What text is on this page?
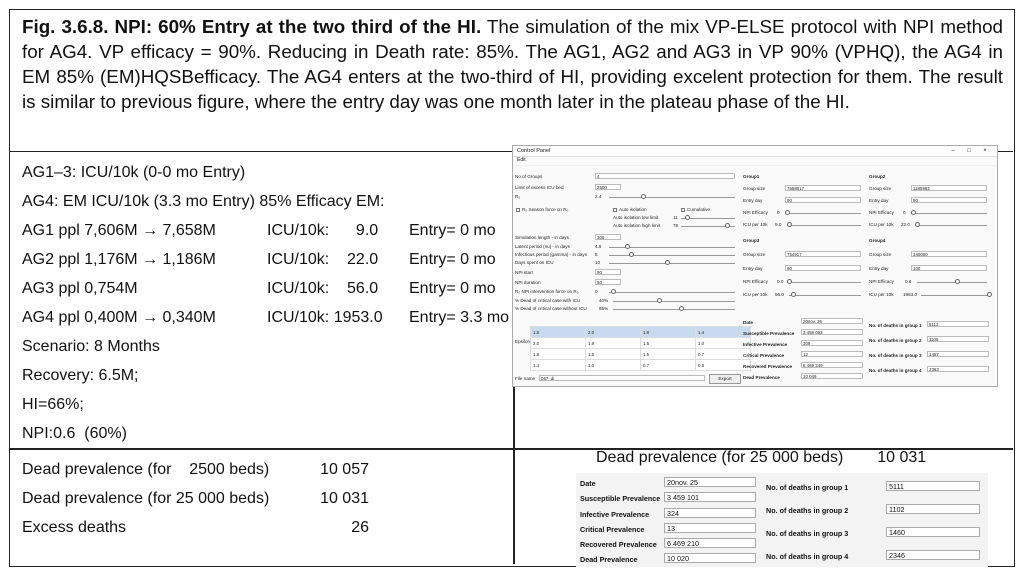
Fig. 3.6.8. NPI: 60% Entry at the two third of the HI. The simulation of the mix VP-ELSE protocol with NPI method for AG4. VP efficacy = 90%. Reducing in Death rate: 85%. The AG1, AG2 and AG3 in VP 90% (VPHQ), the AG4 in EM 85% (EM)HQSBefficacy. The AG4 enters at the two-third of HI, providing excelent protection for them. The result is similar to previous figure, where the entry day was one month later in the plateau phase of the HI.
AG1–3: ICU/10k (0-0 mo Entry)
AG4: EM ICU/10k (3.3 mo Entry) 85% Efficacy EM:
AG1 ppl 7,606M → 7,658M	ICU/10k:      9.0 Entry= 0 mo
AG2 ppl 1,176M → 1,186M	ICU/10k:    22.0 Entry= 0 mo
AG3 ppl 0,754M	ICU/10k:    56.0 Entry= 0 mo
AG4 ppl 0,400M → 0,340M	ICU/10k: 1953.0 Entry= 3.3 mo
Scenario: 8 Months
Recovery: 6.5M;
HI=66%;
NPI:0.6  (60%)
Dead prevalence (for    2500 beds)	10 057
Dead prevalence (for 25 000 beds)	10 031
Excess deaths	26
Control Panel	–	□	×
Edit
No of Groups	4
Limit of excess ICU bed	2500
R₀	2.4
R₀ Season force on R₀	Auto isolation	Cumulative
Auto isolation low limit	11
Auto isolation high limit	78
Simulation length - in days	300
Latent period (nu) - in days	4.6
Infectious period (gamma) - in days 5
Days spent on ICU	10
NPI start	90
NPI duration	50
R₀ NPI intervention force on R₀	0
% Dead of critical case with ICU	40%
% Dead of critical case without ICU	85%
Epsilon
1.5	2.0	1.8	1.4
2.0	1.9	1.5	1.0
1.8	1.5	1.5	0.7
1.4	1.0	0.7	0.5
File name	067_dj_	Export
Group1
Group size	7658017
Entry day	90
NPI Efficacy 0
ICU per 10k 9.0
Group2
Group size	1185962
Entry day	90
NPI Efficacy 0
ICU per 10k 22.0
Group3
Group size	754917
Entry day	90
NPI Efficacy 0.0
ICU per 10k 56.0
Group4
Group size	340000
Entry day	100
NPI Efficacy 0.6
ICU per 10k 1953.0
Date	20nov. 26
Susceptible Prevalence	3 459 063
Infective Prevalence	309
Critical Prevalence	12
Recovered Prevalence	6 469 249
Dead Prevalence	10 049
No. of deaths in group 1	5113
No. of deaths in group 2	1105
No. of deaths in group 3	1467
No. of deaths in group 4	2363
Dead prevalence (for 25 000 beds) 10 031
Date	20nov. 25
Susceptible Prevalence 3 459 101
Infective Prevalence	324
Critical Prevalence	13
Recovered Prevalence	6 469 210
Dead Prevalence	10 020
No. of deaths in group 1	5111
No. of deaths in group 2	1102
No. of deaths in group 3	1460
No. of deaths in group 4	2346
